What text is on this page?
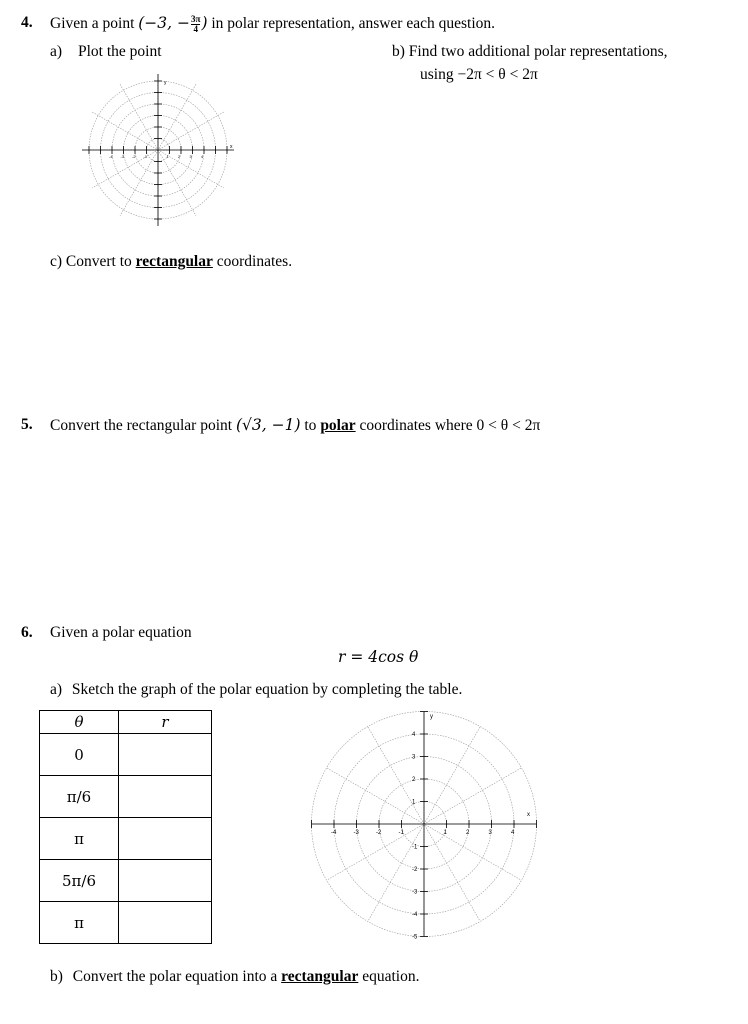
4. Given a point (−3, − $\frac{3\pi}{4}$ ) in polar representation, answer each question.
a) Plot the point	b) Find two additional polar representations,
using −2π < θ < 2π
-4 -3 -2 -1	1 2 3 4
y
x
c) Convert to rectangular coordinates.
5. Convert the rectangular point (√3, −1) to polar coordinates where 0 < θ < 2π
6. Given a polar equation
r = 4cos θ
a) Sketch the graph of the polar equation by completing the table.
θ	r
0	
π/6	
π	
5π/6	
π	
-4	-3	-2	-1	1	2	3	4
4
3
2
1
-1
-2
-3
-4
-5
y
x
b) Convert the polar equation into a rectangular equation.
